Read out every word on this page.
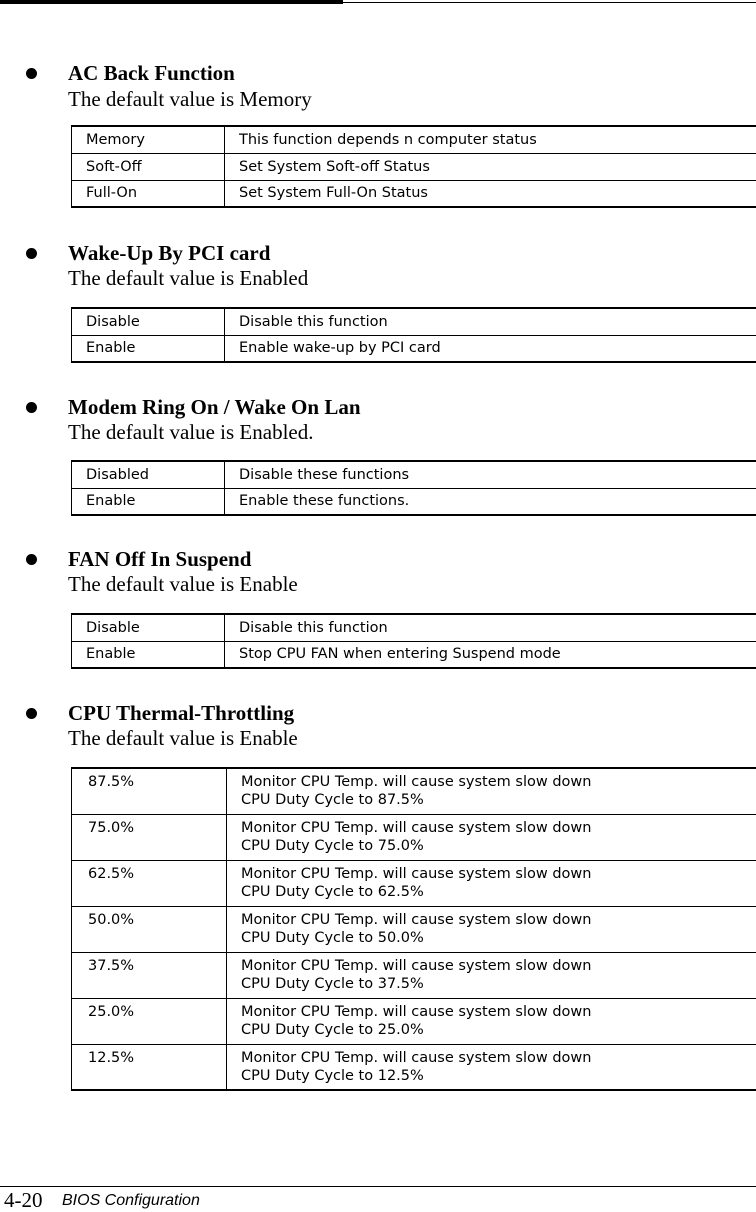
AC Back Function
The default value is Memory
Memory	This function depends n computer status
Soft-Off	Set System Soft-off Status
Full-On	Set System Full-On Status
Wake-Up By PCI card
The default value is Enabled
Disable	Disable this function
Enable	Enable wake-up by PCI card
Modem Ring On / Wake On Lan
The default value is Enabled.
Disabled	Disable these functions
Enable	Enable these functions.
FAN Off In Suspend
The default value is Enable
Disable	Disable this function
Enable	Stop CPU FAN when entering Suspend mode
CPU Thermal-Throttling
The default value is Enable
87.5%	Monitor CPU Temp. will cause system slow down
CPU Duty Cycle to 87.5%

75.0%	Monitor CPU Temp. will cause system slow down
CPU Duty Cycle to 75.0%

62.5%	Monitor CPU Temp. will cause system slow down
CPU Duty Cycle to 62.5%

50.0%	Monitor CPU Temp. will cause system slow down
CPU Duty Cycle to 50.0%

37.5%	Monitor CPU Temp. will cause system slow down
CPU Duty Cycle to 37.5%

25.0%	Monitor CPU Temp. will cause system slow down
CPU Duty Cycle to 25.0%

12.5%	Monitor CPU Temp. will cause system slow down
CPU Duty Cycle to 12.5%
4-20 BIOS Configuration
